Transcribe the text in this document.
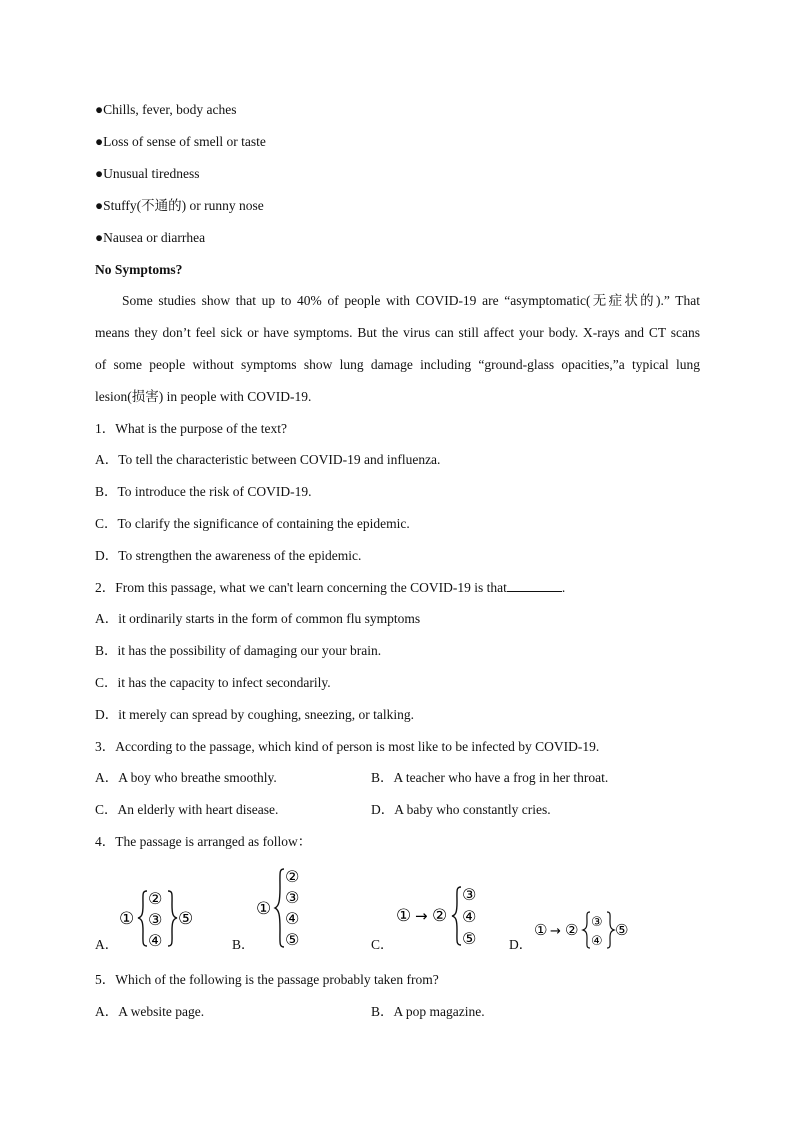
●Chills, fever, body aches
●Loss of sense of smell or taste
●Unusual tiredness
●Stuffy(不通的) or runny nose
●Nausea or diarrhea
No Symptoms?
Some studies show that up to 40% of people with COVID-19 are “asymptomatic(无症状的).” That
means they don’t feel sick or have symptoms. But the virus can still affect your body. X-rays and CT scans
of some people without symptoms show lung damage including “ground-glass opacities,”a typical lung
lesion(损害) in people with COVID-19.
1．What is the purpose of the text?
A．To tell the characteristic between COVID-19 and influenza.
B．To introduce the risk of COVID-19.
C．To clarify the significance of containing the epidemic.
D．To strengthen the awareness of the epidemic.
2．From this passage, what we can't learn concerning the COVID-19 is that	.
A．it ordinarily starts in the form of common flu symptoms
B．it has the possibility of damaging our your brain.
C．it has the capacity to infect secondarily.
D．it merely can spread by coughing, sneezing, or talking.
3．According to the passage, which kind of person is most like to be infected by COVID-19.
A．A boy who breathe smoothly.	B．A teacher who have a frog in her throat.
C．An elderly with heart disease.	D．A baby who constantly cries.
4．The passage is arranged as follow：
A．
①
②
③
④
⑤
B．
①
②
③
④
⑤	C．
① → ②
③
④
⑤ D．
① → ② ③
④
⑤
5．Which of the following is the passage probably taken from?
A．A website page.	B．A pop magazine.
